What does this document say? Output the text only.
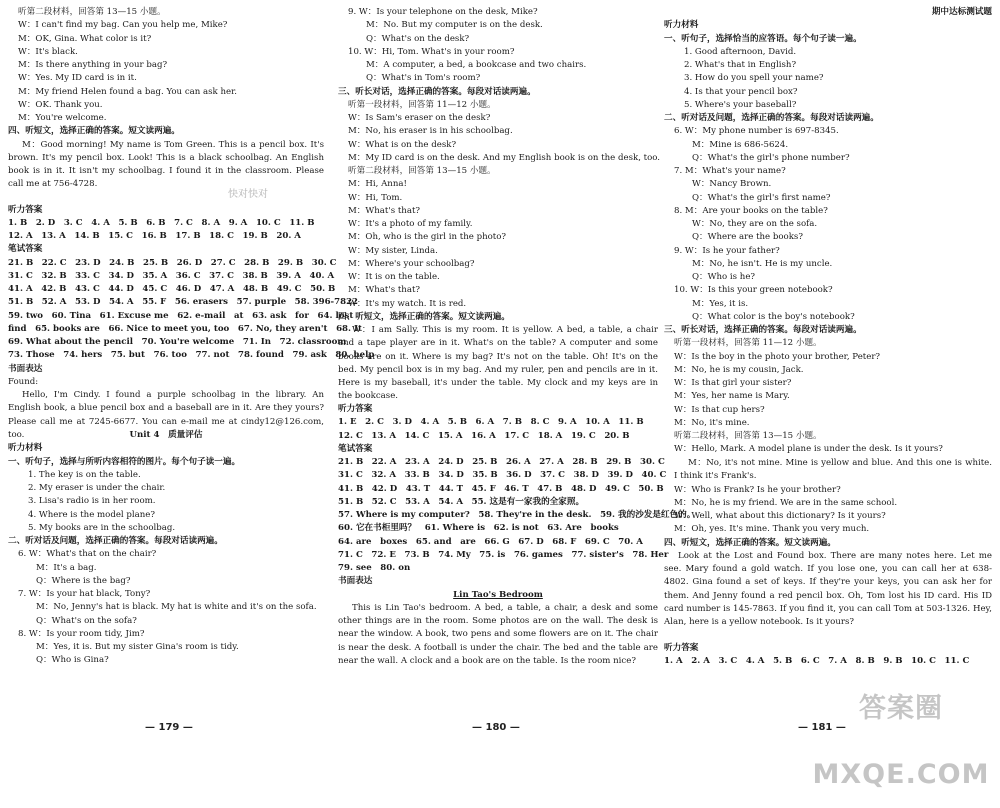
听第二段材料，回答第 13—15 小题。
W：I can't find my bag. Can you help me, Mike?
M：OK, Gina. What color is it?
W：It's black.
M：Is there anything in your bag?
W：Yes. My ID card is in it.
M：My friend Helen found a bag. You can ask her.
W：OK. Thank you.
M：You're welcome.
四、听短文，选择正确的答案。短文读两遍。
M：Good morning! My name is Tom Green. This is a pencil box. It's brown. It's my pencil box. Look! This is a black schoolbag. An English book is in it. It isn't my schoolbag. I found it in the classroom. Please call me at 756-4728.
听力答案
1. B　2. D　3. C　4. A　5. B　6. B　7. C　8. A　9. A　10. C　11. B
12. A　13. A　14. B　15. C　16. B　17. B　18. C　19. B　20. A
笔试答案
21. B　22. C　23. D　24. B　25. B　26. D　27. C　28. B　29. B　30. C
31. C　32. B　33. C　34. D　35. A　36. C　37. C　38. B　39. A　40. A
41. A　42. B　43. C　44. D　45. C　46. D　47. A　48. B　49. C　50. B
51. B　52. A　53. D　54. A　55. F　56. erasers　57. purple　58. 396-7822
59. two　60. Tina　61. Excuse me　62. e-mail　at　63. ask　for　64. lost
find　65. books are　66. Nice to meet you, too　67. No, they aren't　68. It
69. What about the pencil　70. You're welcome　71. In　72. classroom
73. Those　74. hers　75. but　76. too　77. not　78. found　79. ask　80. help
书面表达
Found:
Hello, I'm Cindy. I found a purple schoolbag in the library. An English book, a blue pencil box and a baseball are in it. Are they yours? Please call me at 7245-6677. You can e-mail me at cindy12@126.com, too.	Unit 4　质量评估
听力材料
一、听句子，选择与所听内容相符的图片。每个句子读一遍。
1. The key is on the table.
2. My eraser is under the chair.
3. Lisa's radio is in her room.
4. Where is the model plane?
5. My books are in the schoolbag.
二、听对话及问题，选择正确的答案。每段对话读两遍。
6. W：What's that on the chair?
M：It's a bag.
Q：Where is the bag?
7. W：Is your hat black, Tony?
M：No, Jenny's hat is black. My hat is white and it's on the sofa.
Q：What's on the sofa?
8. W：Is your room tidy, Jim?
M：Yes, it is. But my sister Gina's room is tidy.
Q：Who is Gina?
9. W：Is your telephone on the desk, Mike?
M：No. But my computer is on the desk.
Q：What's on the desk?
10. W：Hi, Tom. What's in your room?
M：A computer, a bed, a bookcase and two chairs.
Q：What's in Tom's room?
三、听长对话，选择正确的答案。每段对话读两遍。
听第一段材料，回答第 11—12 小题。
W：Is Sam's eraser on the desk?
M：No, his eraser is in his schoolbag.
W：What is on the desk?
M：My ID card is on the desk. And my English book is on the desk, too.
听第二段材料，回答第 13—15 小题。
M：Hi, Anna!
W：Hi, Tom.
M：What's that?
W：It's a photo of my family.
M：Oh, who is the girl in the photo?
W：My sister, Linda.
M：Where's your schoolbag?
W：It is on the table.
M：What's that?
W：It's my watch. It is red.
四、听短文，选择正确的答案。短文读两遍。
W：I am Sally. This is my room. It is yellow. A bed, a table, a chair and a tape player are in it. What's on the table? A computer and some books are on it. Where is my bag? It's not on the table. Oh! It's on the bed. My pencil box is in my bag. And my ruler, pen and pencils are in it. Here is my baseball, it's under the table. My clock and my keys are in the bookcase.
听力答案
1. E　2. C　3. D　4. A　5. B　6. A　7. B　8. C　9. A　10. A　11. B
12. C　13. A　14. C　15. A　16. A　17. C　18. A　19. C　20. B
笔试答案
21. B　22. A　23. A　24. D　25. B　26. A　27. A　28. B　29. B　30. C
31. C　32. A　33. B　34. D　35. B　36. D　37. C　38. D　39. D　40. C
41. B　42. D　43. T　44. T　45. F　46. T　47. B　48. D　49. C　50. B
51. B　52. C　53. A　54. A　55. 这是有一家我的全家照。
57. Where is my computer?　58. They're in the desk.　59. 我的沙发是红色的。
60. 它在书柜里吗？　61. Where is　62. is not　63. Are　books
64. are　boxes　65. and　are　66. G　67. D　68. F　69. C　70. A
71. C　72. E　73. B　74. My　75. is　76. games　77. sister's　78. Her
79. see　80. on
书面表达
Lin Tao's Bedroom
This is Lin Tao's bedroom. A bed, a table, a chair, a desk and some other things are in the room. Some photos are on the wall. The desk is near the window. A book, two pens and some flowers are on it. The chair is near the desk. A football is under the chair. The bed and the table are near the wall. A clock and a book are on the table. Is the room nice?
期中达标测试题
听力材料
一、听句子，选择恰当的应答语。每个句子读一遍。
1. Good afternoon, David.
2. What's that in English?
3. How do you spell your name?
4. Is that your pencil box?
5. Where's your baseball?
二、听对话及问题，选择正确的答案。每段对话读两遍。
6. W：My phone number is 697-8345.
M：Mine is 686-5624.
Q：What's the girl's phone number?
7. M：What's your name?
W：Nancy Brown.
Q：What's the girl's first name?
8. M：Are your books on the table?
W：No, they are on the sofa.
Q：Where are the books?
9. W：Is he your father?
M：No, he isn't. He is my uncle.
Q：Who is he?
10. W：Is this your green notebook?
M：Yes, it is.
Q：What color is the boy's notebook?
三、听长对话，选择正确的答案。每段对话读两遍。
听第一段材料，回答第 11—12 小题。
W：Is the boy in the photo your brother, Peter?
M：No, he is my cousin, Jack.
W：Is that girl your sister?
M：Yes, her name is Mary.
W：Is that cup hers?
M：No, it's mine.
听第二段材料，回答第 13—15 小题。
W：Hello, Mark. A model plane is under the desk. Is it yours?
M：No, it's not mine. Mine is yellow and blue. And this one is white. I think it's Frank's.
W：Who is Frank? Is he your brother?
M：No, he is my friend. We are in the same school.
W：Well, what about this dictionary? Is it yours?
M：Oh, yes. It's mine. Thank you very much.
四、听短文，选择正确的答案。短文读两遍。
Look at the Lost and Found box. There are many notes here. Let me see. Mary found a gold watch. If you lose one, you can call her at 638-4802. Gina found a set of keys. If they're your keys, you can ask her for them. And Jenny found a red pencil box. Oh, Tom lost his ID card. His ID card number is 145-7863. If you find it, you can call Tom at 503-1326. Hey, Alan, here is a yellow notebook. Is it yours?
听力答案
1. A　2. A　3. C　4. A　5. B　6. C　7. A　8. B　9. B　10. C　11. C
快对快对
— 179 —	— 180 —	— 181 —
答案圈 MXQE.COM
